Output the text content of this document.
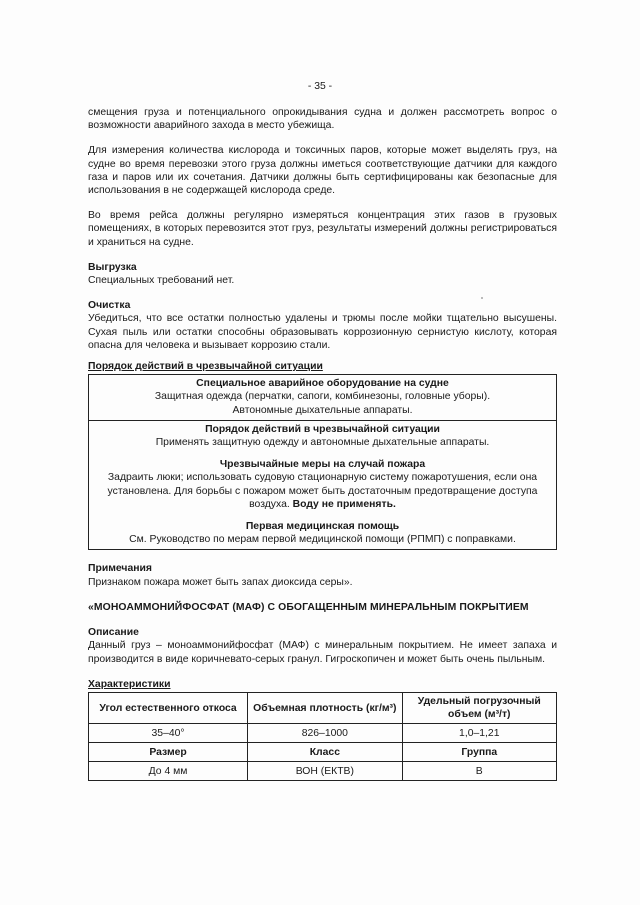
- 35 -

смещения груза и потенциального опрокидывания судна и должен рассмотреть вопрос о возможности аварийного захода в место убежища.

Для измерения количества кислорода и токсичных паров, которые может выделять груз, на судне во время перевозки этого груза должны иметься соответствующие датчики для каждого газа и паров или их сочетания. Датчики должны быть сертифицированы как безопасные для использования в не содержащей кислорода среде.

Во время рейса должны регулярно измеряться концентрация этих газов в грузовых помещениях, в которых перевозится этот груз, результаты измерений должны регистрироваться и храниться на судне.

Выгрузка

Специальных требований нет.

Очистка

Убедиться, что все остатки полностью удалены и трюмы после мойки тщательно высушены. Сухая пыль или остатки способны образовывать коррозионную сернистую кислоту, которая опасна для человека и вызывает коррозию стали.

Порядок действий в чрезвычайной ситуации

Специальное аварийное оборудование на судне
Защитная одежда (перчатки, сапоги, комбинезоны, головные уборы).
Автономные дыхательные аппараты.
Порядок действий в чрезвычайной ситуации
Применять защитную одежду и автономные дыхательные аппараты.
Чрезвычайные меры на случай пожара
Задраить люки; использовать судовую стационарную систему пожаротушения, если она установлена. Для борьбы с пожаром может быть достаточным предотвращение доступа воздуха. Воду не применять.
Первая медицинская помощь
См. Руководство по мерам первой медицинской помощи (РПМП) с поправками.

Примечания

Признаком пожара может быть запах диоксида серы».

«МОНОАММОНИЙФОСФАТ (МАФ) С ОБОГАЩЕННЫМ МИНЕРАЛЬНЫМ ПОКРЫТИЕМ

Описание

Данный груз – моноаммонийфосфат (МАФ) с минеральным покрытием. Не имеет запаха и производится в виде коричневато-серых гранул. Гигроскопичен и может быть очень пыльным.

Характеристики

Угол естественного откоса	Объемная плотность (кг/м³)	Удельный погрузочный объем (м³/т)
35–40°	826–1000	1,0–1,21
Размер	Класс	Группа
До 4 мм	ВОН (ЕКТВ)	B
